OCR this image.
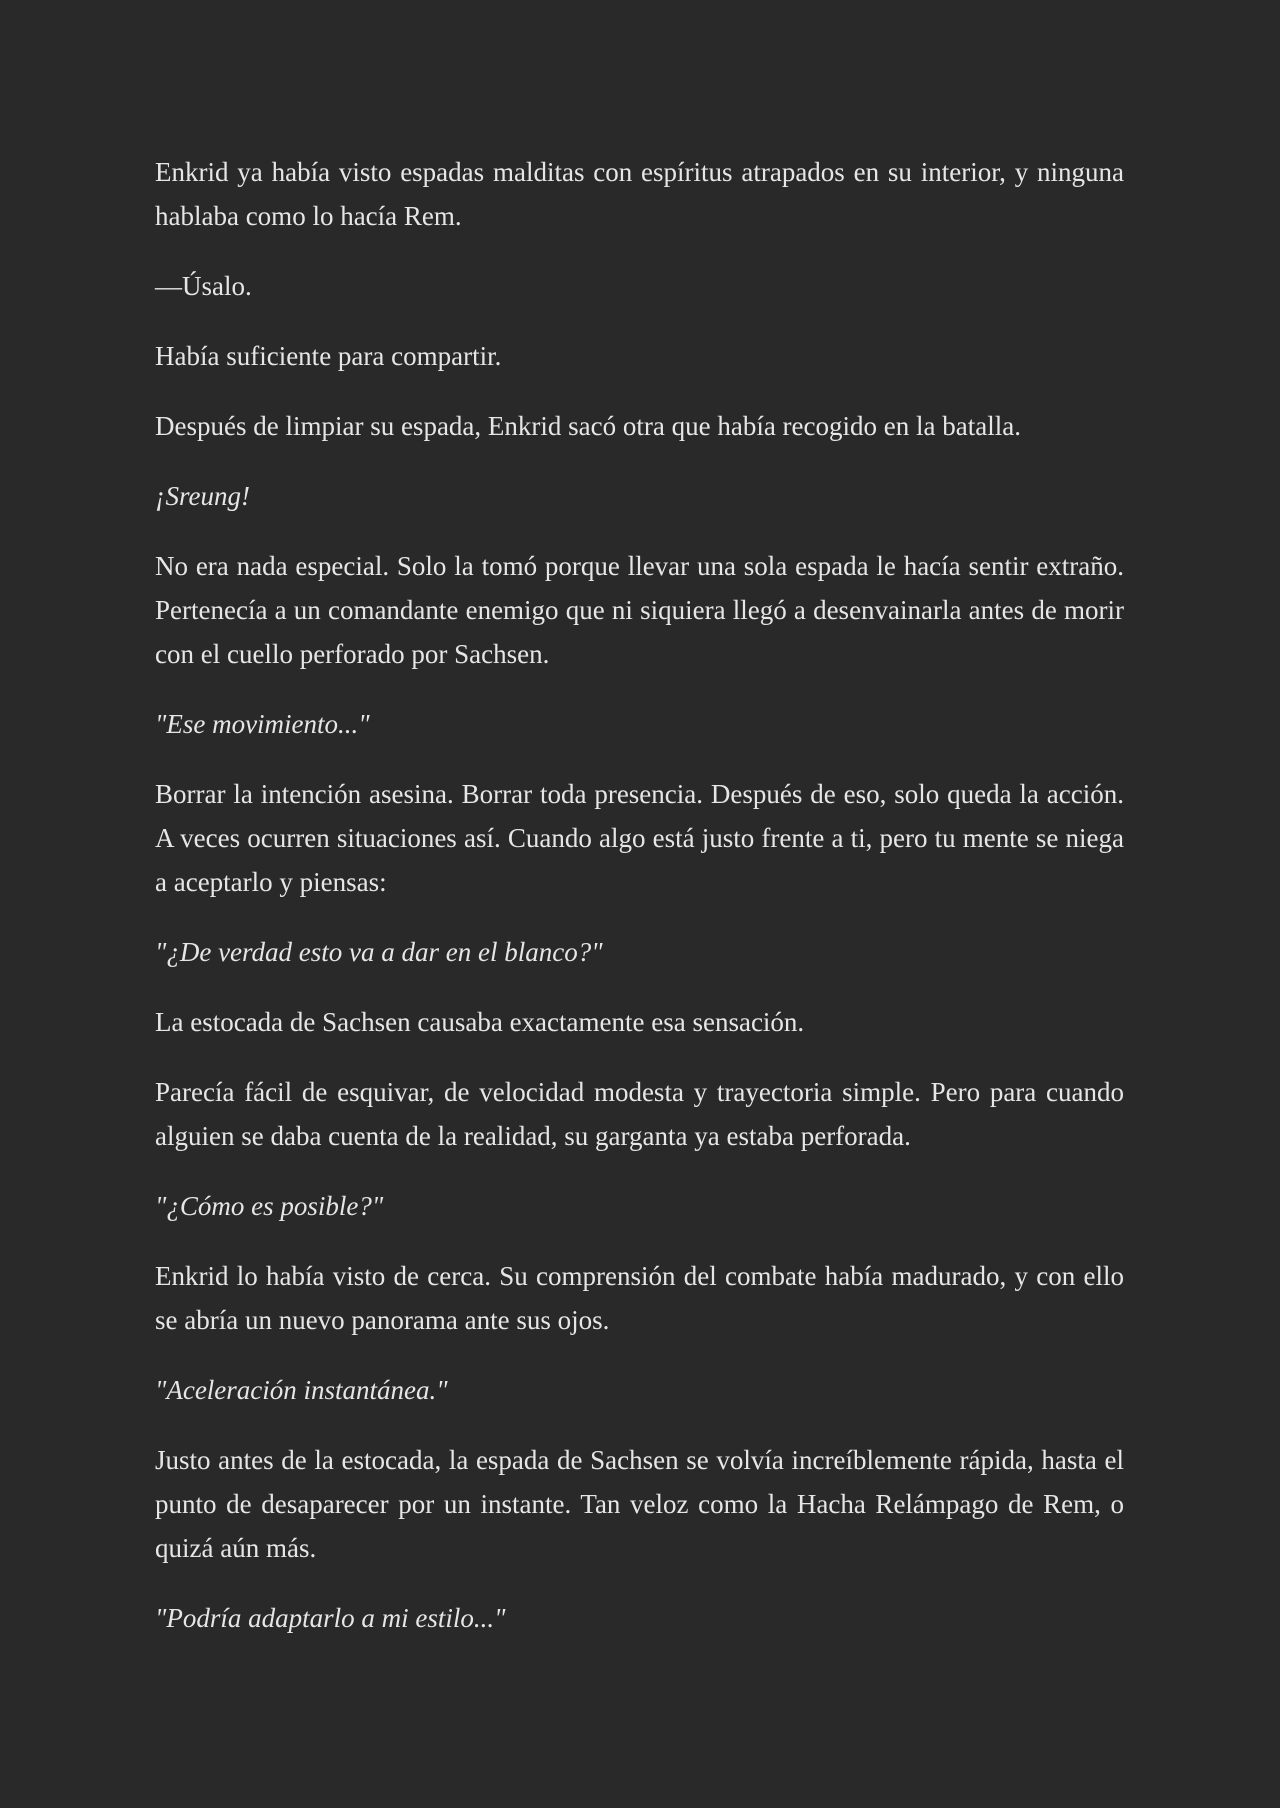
Enkrid ya había visto espadas malditas con espíritus atrapados en su interior, y ninguna hablaba como lo hacía Rem.

—Úsalo.

Había suficiente para compartir.

Después de limpiar su espada, Enkrid sacó otra que había recogido en la batalla.

¡Sreung!

No era nada especial. Solo la tomó porque llevar una sola espada le hacía sentir extraño. Pertenecía a un comandante enemigo que ni siquiera llegó a desenvainarla antes de morir con el cuello perforado por Sachsen.

"Ese movimiento..."

Borrar la intención asesina. Borrar toda presencia. Después de eso, solo queda la acción. A veces ocurren situaciones así. Cuando algo está justo frente a ti, pero tu mente se niega a aceptarlo y piensas:

"¿De verdad esto va a dar en el blanco?"

La estocada de Sachsen causaba exactamente esa sensación.

Parecía fácil de esquivar, de velocidad modesta y trayectoria simple. Pero para cuando alguien se daba cuenta de la realidad, su garganta ya estaba perforada.

"¿Cómo es posible?"

Enkrid lo había visto de cerca. Su comprensión del combate había madurado, y con ello se abría un nuevo panorama ante sus ojos.

"Aceleración instantánea."

Justo antes de la estocada, la espada de Sachsen se volvía increíblemente rápida, hasta el punto de desaparecer por un instante. Tan veloz como la Hacha Relámpago de Rem, o quizá aún más.

"Podría adaptarlo a mi estilo..."
